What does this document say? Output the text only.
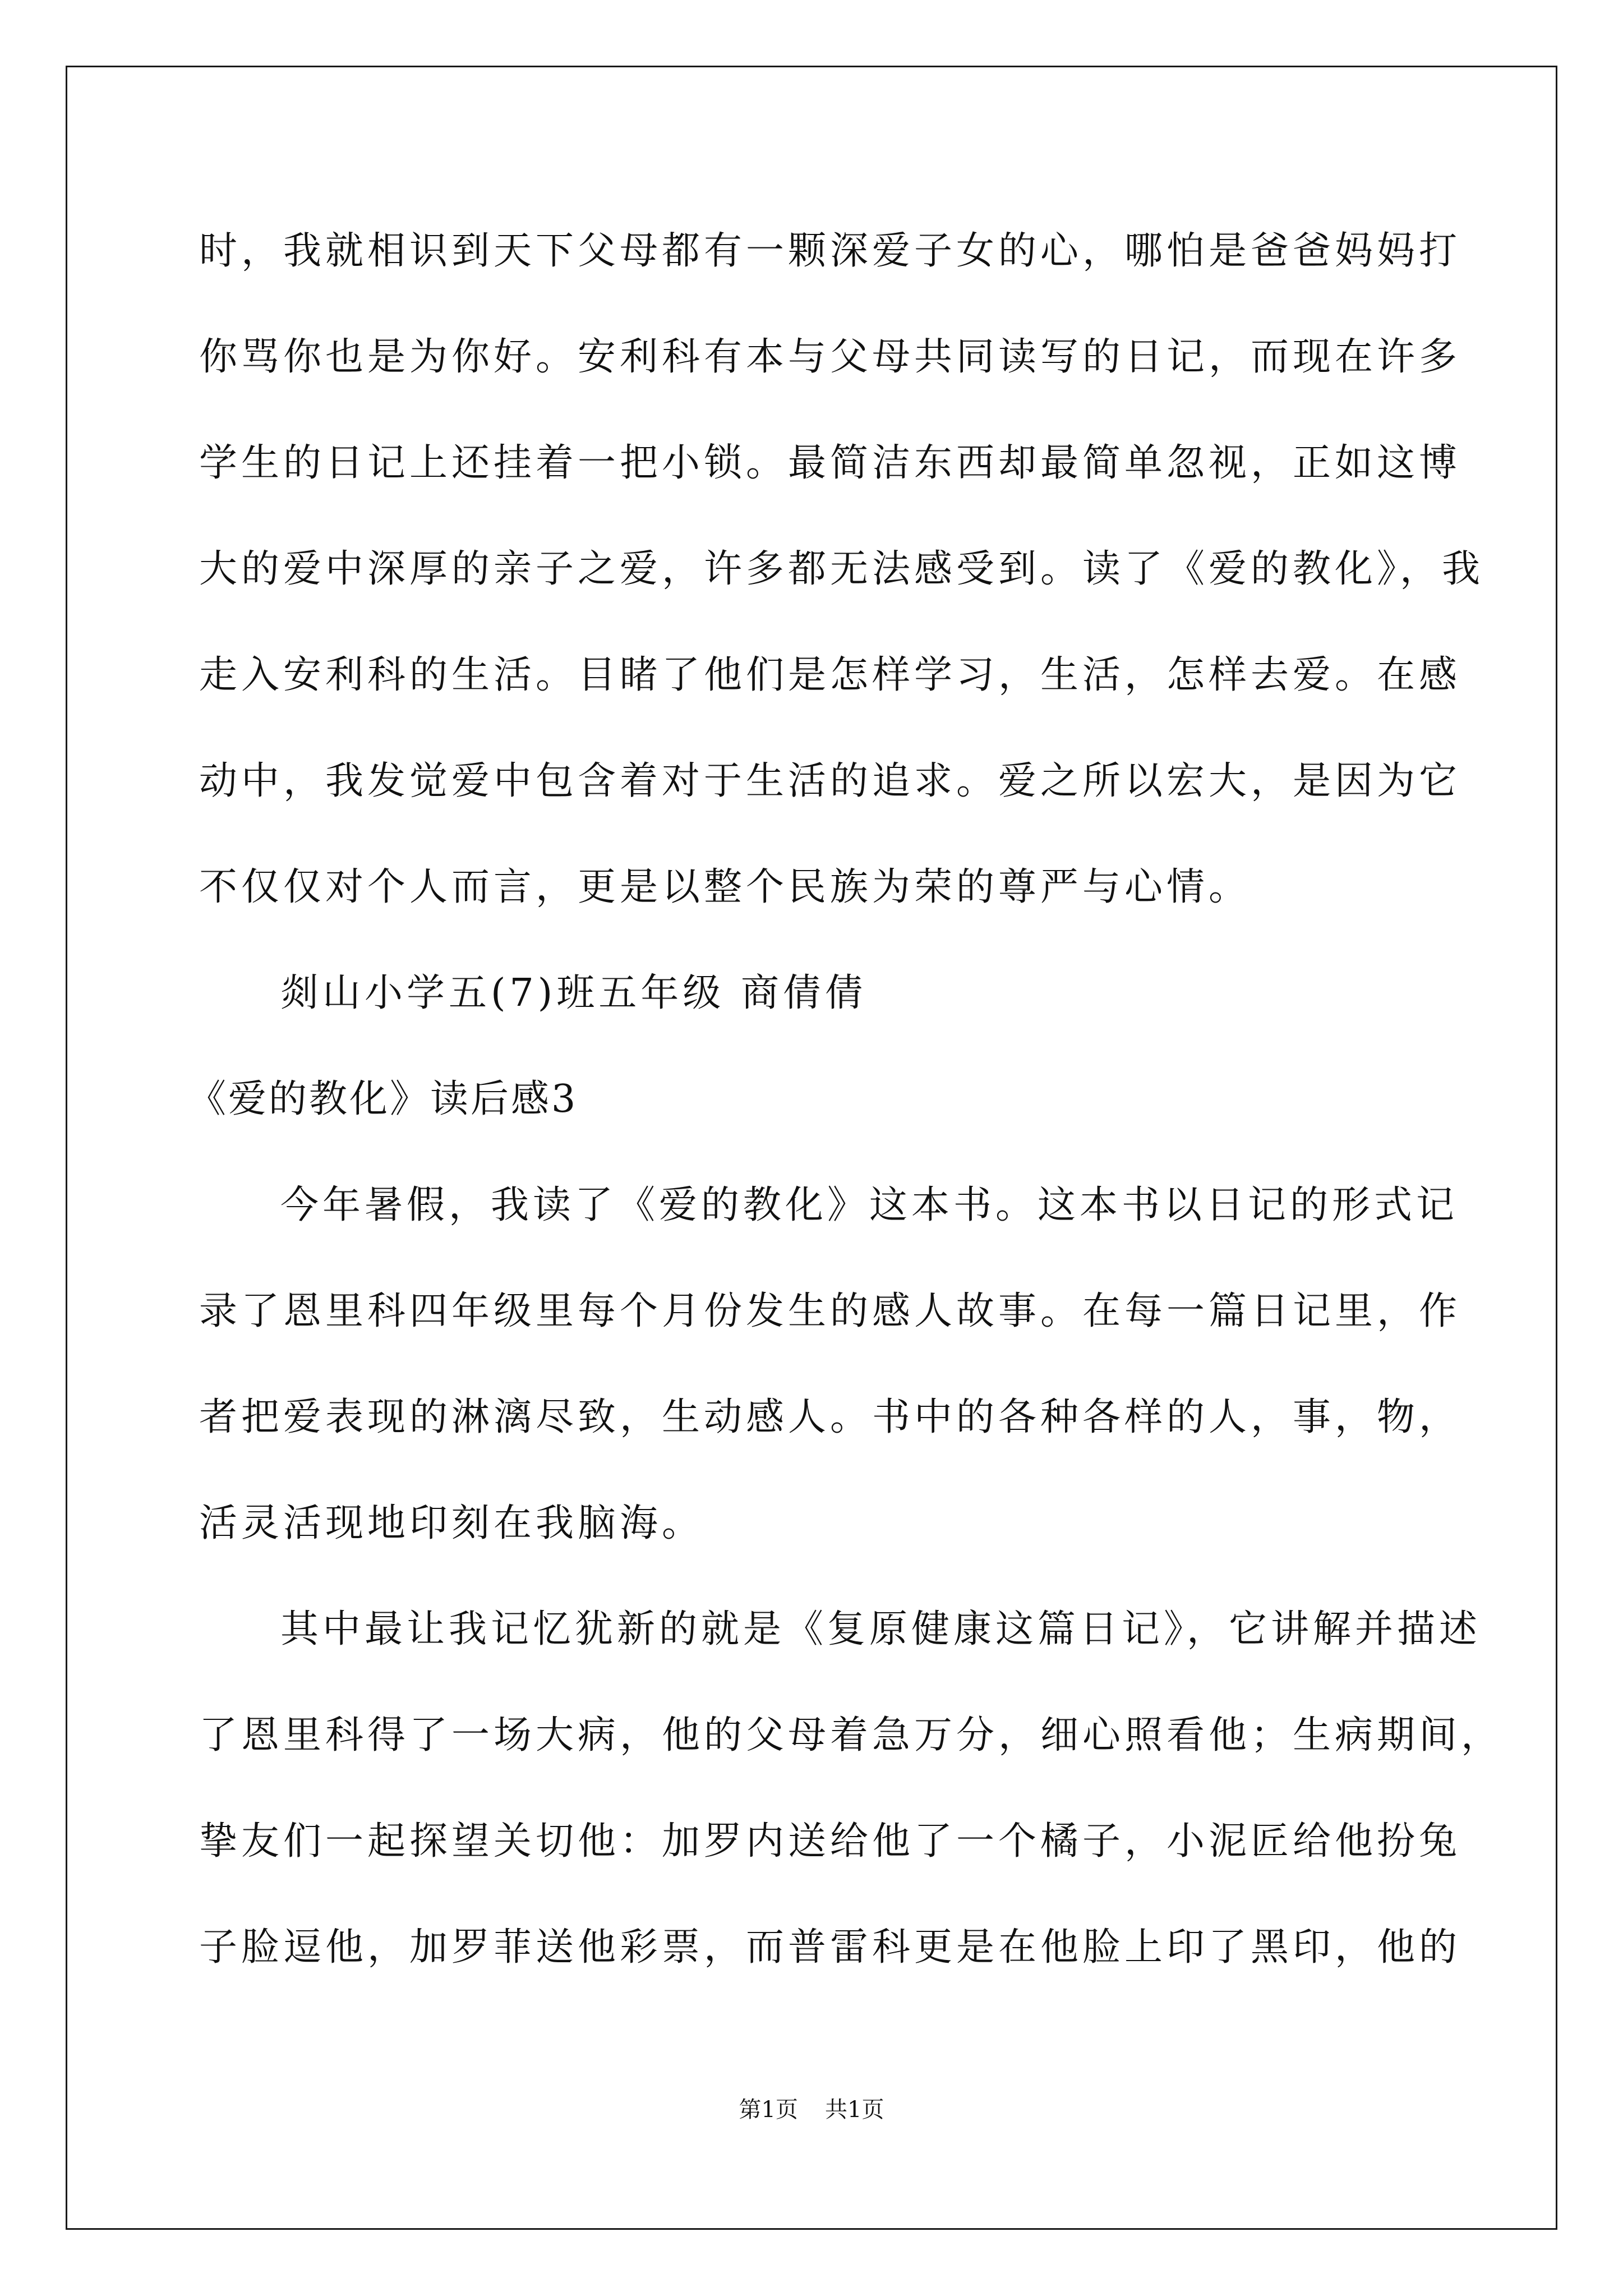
时，我就相识到天下父母都有一颗深爱子女的心，哪怕是爸爸妈妈打
你骂你也是为你好。安利科有本与父母共同读写的日记，而现在许多
学生的日记上还挂着一把小锁。最简洁东西却最简单忽视，正如这博
大的爱中深厚的亲子之爱，许多都无法感受到。读了《爱的教化》，我
走入安利科的生活。目睹了他们是怎样学习，生活，怎样去爱。在感
动中，我发觉爱中包含着对于生活的追求。爱之所以宏大，是因为它
不仅仅对个人而言，更是以整个民族为荣的尊严与心情。
剡山小学五(7)班五年级 商倩倩
《爱的教化》读后感3
今年暑假，我读了《爱的教化》这本书。这本书以日记的形式记
录了恩里科四年级里每个月份发生的感人故事。在每一篇日记里，作
者把爱表现的淋漓尽致，生动感人。书中的各种各样的人，事，物，
活灵活现地印刻在我脑海。
其中最让我记忆犹新的就是《复原健康这篇日记》，它讲解并描述
了恩里科得了一场大病，他的父母着急万分，细心照看他；生病期间，
挚友们一起探望关切他：加罗内送给他了一个橘子，小泥匠给他扮兔
子脸逗他，加罗菲送他彩票，而普雷科更是在他脸上印了黑印，他的
第1页 共1页
